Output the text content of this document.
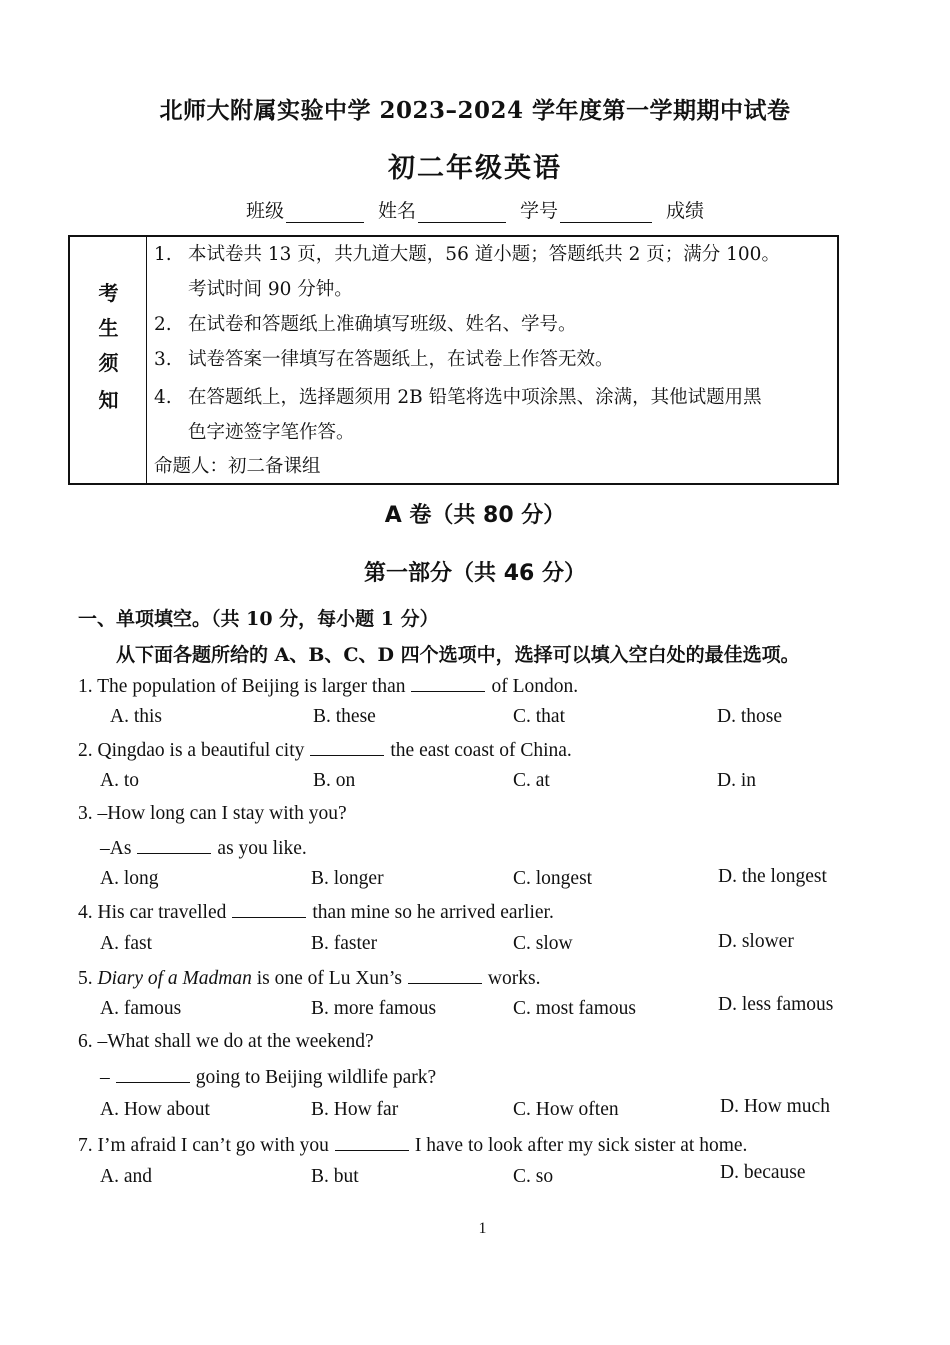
北师大附属实验中学 2023–2024 学年度第一学期期中试卷
初二年级英语
班级	姓名	学号	成绩
考
生
须
知
1. 本试卷共 13 页，共九道大题，56 道小题；答题纸共 2 页；满分 100。
考试时间 90 分钟。
2. 在试卷和答题纸上准确填写班级、姓名、学号。
3. 试卷答案一律填写在答题纸上，在试卷上作答无效。
4. 在答题纸上，选择题须用 2B 铅笔将选中项涂黑、涂满，其他试题用黑
色字迹签字笔作答。
命题人：初二备课组
A 卷（共 80 分）
第一部分（共 46 分）
一、单项填空。（共 10 分，每小题 1 分）
从下面各题所给的 A、B、C、D 四个选项中，选择可以填入空白处的最佳选项。
1. The population of Beijing is larger than	of London.
A. this	B. these	C. that	D. those
2. Qingdao is a beautiful city	the east coast of China.
A. to	B. on	C. at	D. in
3. –How long can I stay with you?
–As	as you like.
A. long	B. longer	C. longest	D. the longest
4. His car travelled	than mine so he arrived earlier.
A. fast	B. faster	C. slow	D. slower
5. Diary of a Madman is one of Lu Xun’s	works.
A. famous	B. more famous	C. most famous	D. less famous
6. –What shall we do at the weekend?
–	going to Beijing wildlife park?
A. How about	B. How far	C. How often	D. How much
7. I’m afraid I can’t go with you	I have to look after my sick sister at home.
A. and	B. but	C. so	D. because
1
